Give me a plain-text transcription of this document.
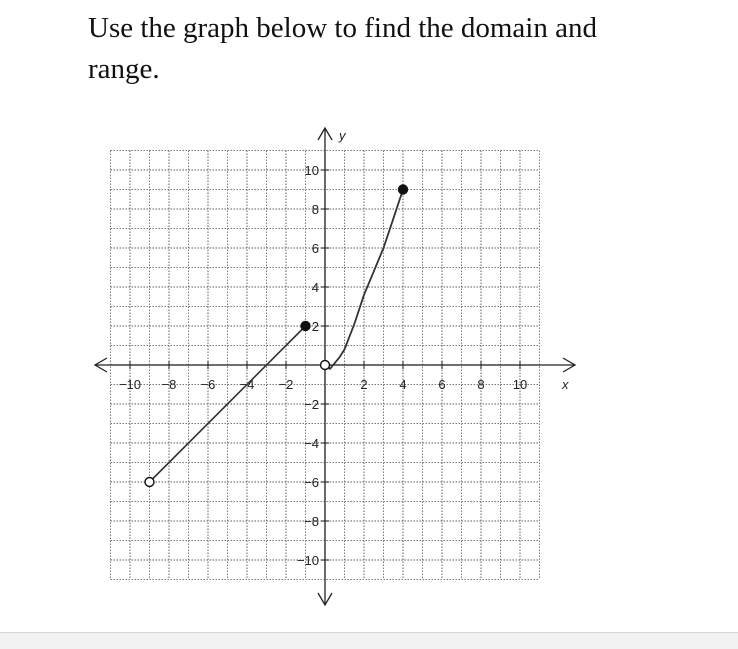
Use the graph below to find the domain and
range.
x
y
−10 −8 −6 −4 −2	2 4 6 8 10
10
8
6
4
2
−2
−4
−6
−8
−10
